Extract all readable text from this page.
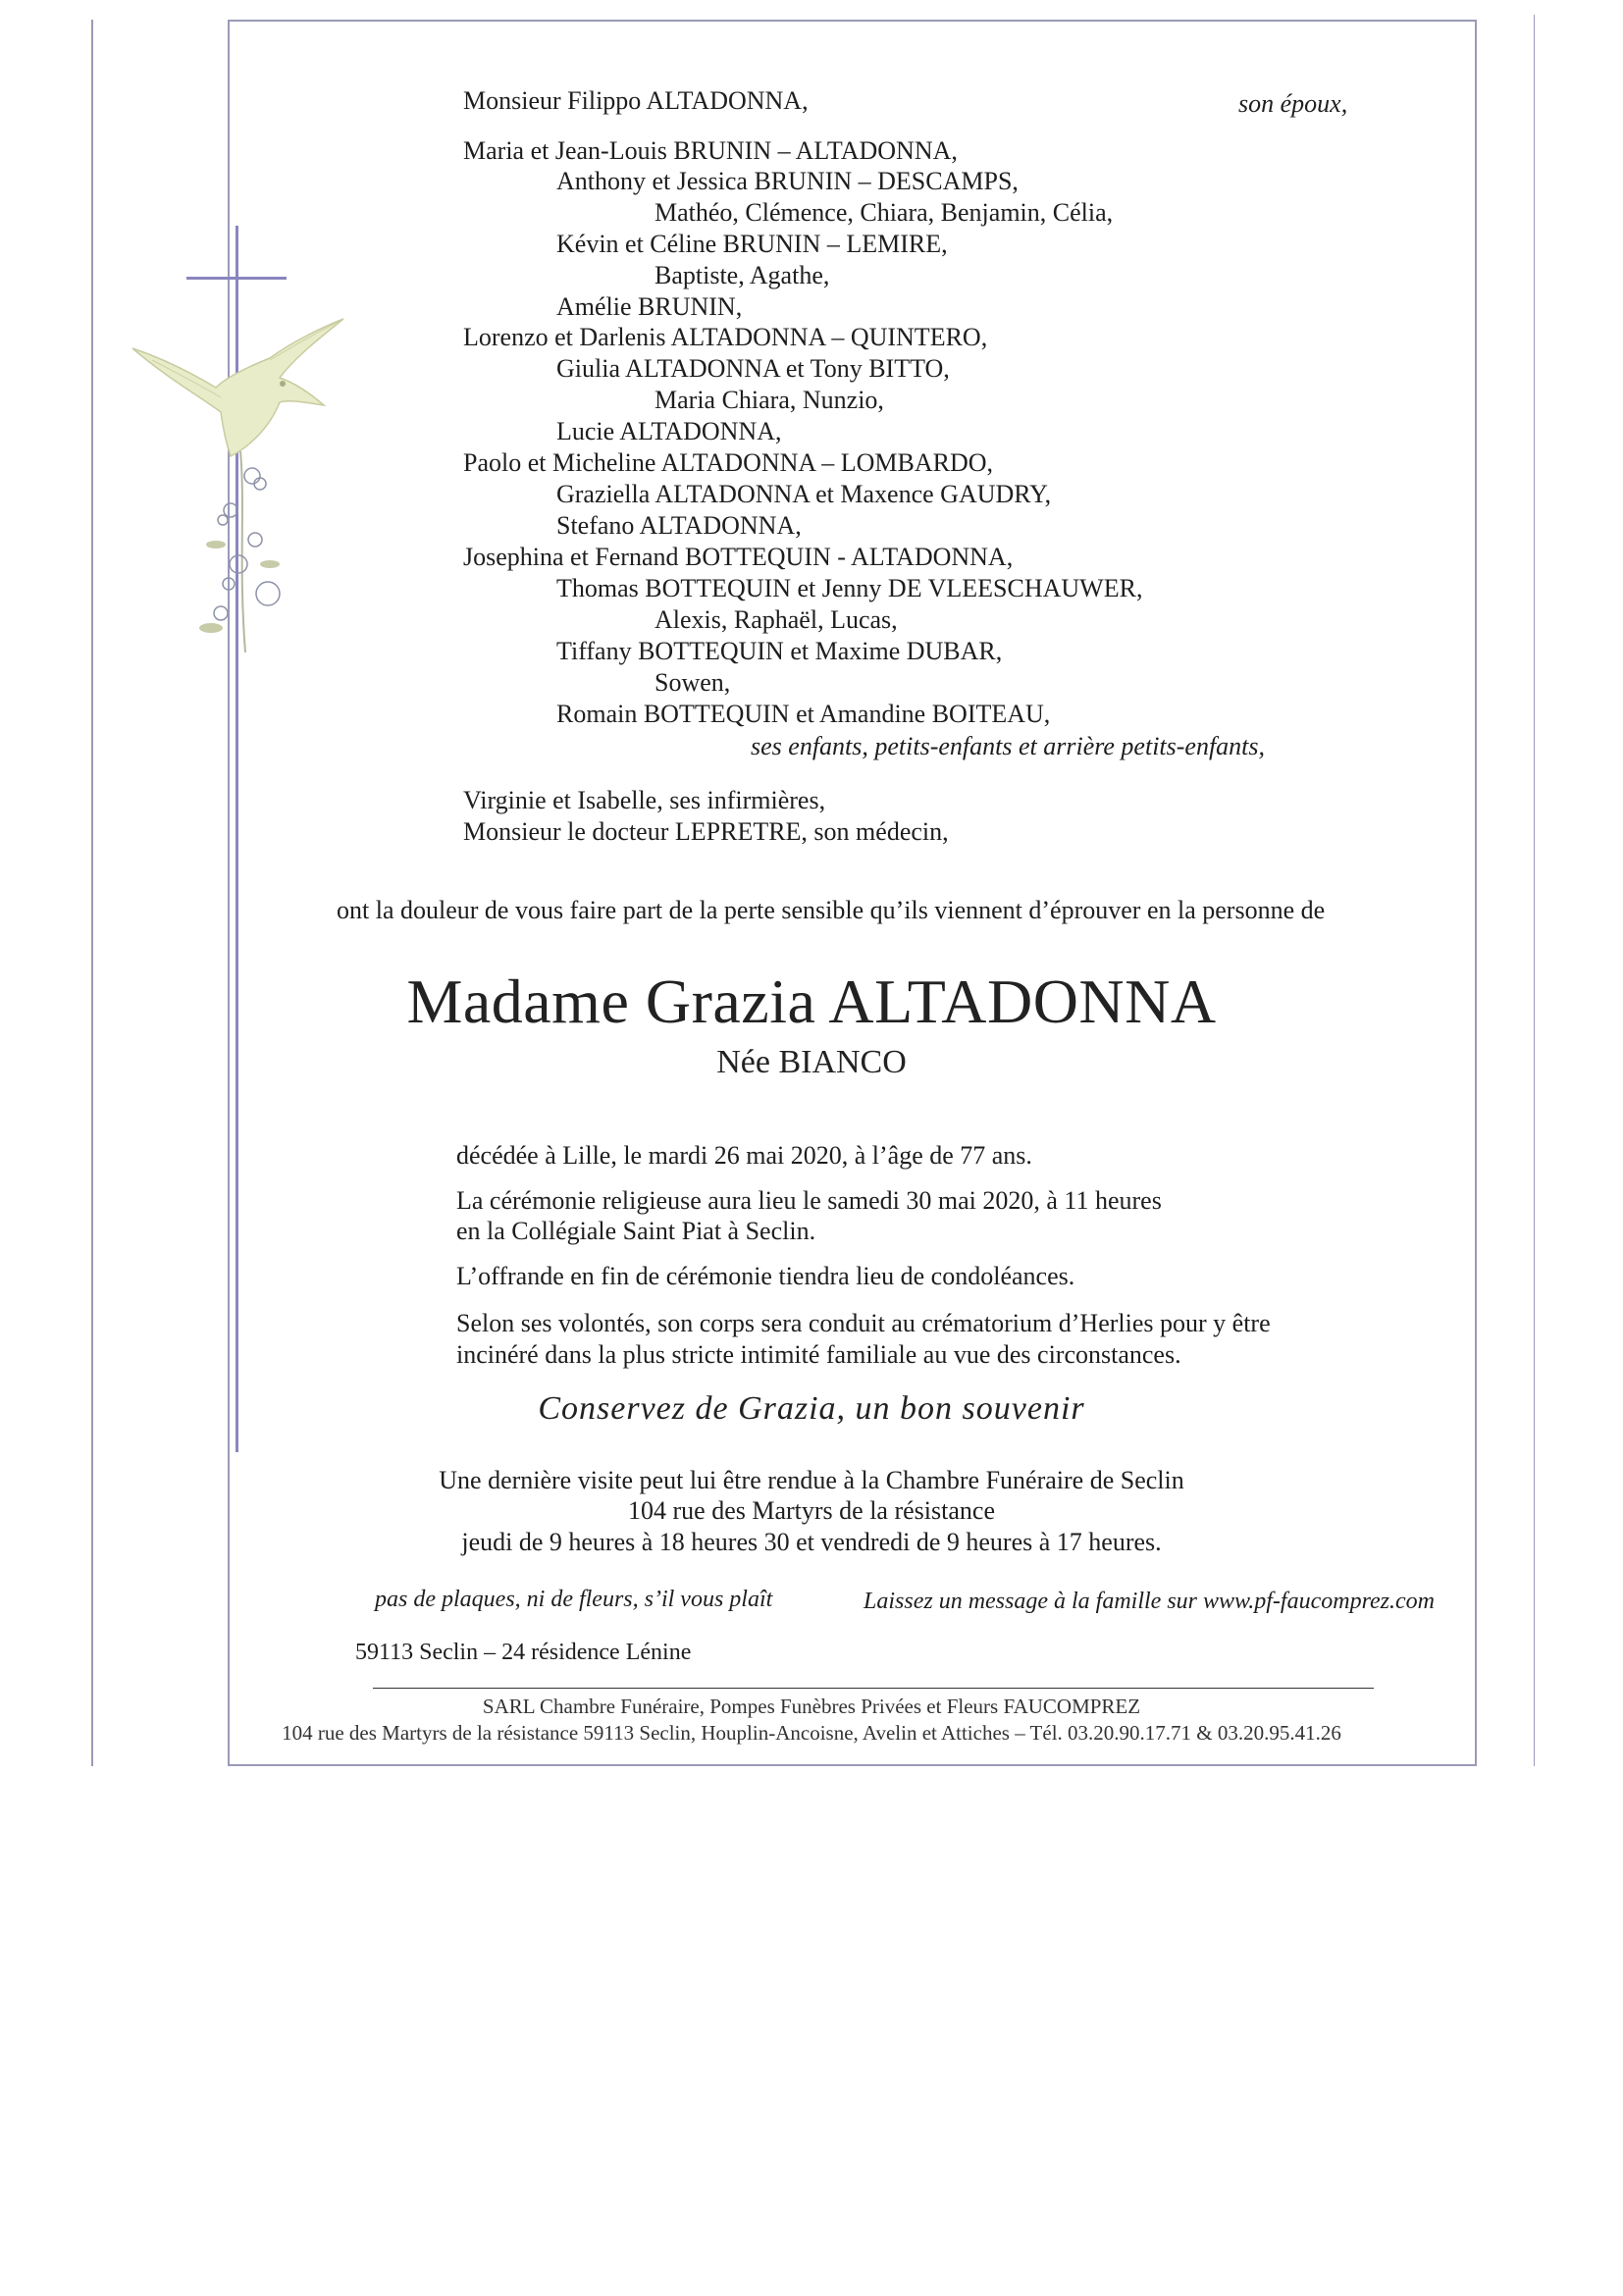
Monsieur Filippo ALTADONNA,	son époux,
Maria et Jean-Louis BRUNIN – ALTADONNA,
Anthony et Jessica BRUNIN – DESCAMPS,
Mathéo, Clémence, Chiara, Benjamin, Célia,
Kévin et Céline BRUNIN – LEMIRE,
Baptiste, Agathe,
Amélie BRUNIN,
Lorenzo et Darlenis ALTADONNA – QUINTERO,
Giulia ALTADONNA et Tony BITTO,
Maria Chiara, Nunzio,
Lucie ALTADONNA,
Paolo et Micheline ALTADONNA – LOMBARDO,
Graziella ALTADONNA et Maxence GAUDRY,
Stefano ALTADONNA,
Josephina et Fernand BOTTEQUIN - ALTADONNA,
Thomas BOTTEQUIN et Jenny DE VLEESCHAUWER,
Alexis, Raphaël, Lucas,
Tiffany BOTTEQUIN et Maxime DUBAR,
Sowen,
Romain BOTTEQUIN et Amandine BOITEAU,
ses enfants, petits-enfants et arrière petits-enfants,
Virginie et Isabelle, ses infirmières,
Monsieur le docteur LEPRETRE, son médecin,
ont la douleur de vous faire part de la perte sensible qu’ils viennent d’éprouver en la personne de
Madame Grazia ALTADONNA
Née BIANCO
décédée à Lille, le mardi 26 mai 2020, à l’âge de 77 ans.
La cérémonie religieuse aura lieu le samedi 30 mai 2020, à 11 heures
en la Collégiale Saint Piat à Seclin.
L’offrande en fin de cérémonie tiendra lieu de condoléances.
Selon ses volontés, son corps sera conduit au crématorium d’Herlies pour y être
incinéré dans la plus stricte intimité familiale au vue des circonstances.
Conservez de Grazia, un bon souvenir
Une dernière visite peut lui être rendue à la Chambre Funéraire de Seclin
104 rue des Martyrs de la résistance
jeudi de 9 heures à 18 heures 30 et vendredi de 9 heures à 17 heures.
pas de plaques, ni de fleurs, s’il vous plaît	Laissez un message à la famille sur www.pf-faucomprez.com
59113 Seclin – 24 résidence Lénine
SARL Chambre Funéraire, Pompes Funèbres Privées et Fleurs FAUCOMPREZ
104 rue des Martyrs de la résistance 59113 Seclin, Houplin-Ancoisne, Avelin et Attiches – Tél. 03.20.90.17.71 & 03.20.95.41.26
